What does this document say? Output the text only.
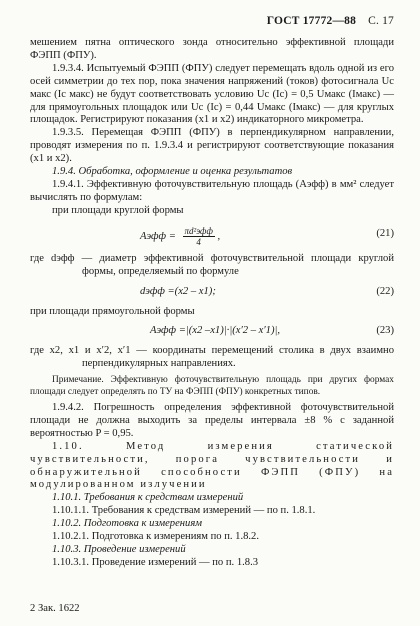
ГОСТ 17772—88 С. 17

мешением пятна оптического зонда относительно эффективной площади ФЭПП (ФПУ).

1.9.3.4. Испытуемый ФЭПП (ФПУ) следует перемещать вдоль одной из его осей симметрии до тех пор, пока значения напряжений (токов) фотосигнала Uс макс (Iс макс) не будут соответствовать условию Uс (Iс) = 0,5 Uмакс (Iмакс) — для прямоугольных площадок или Uс (Iс) = 0,44 Uмакс (Iмакс) — для круглых площадок. Регистрируют показания (x1 и x2) индикаторного микрометра.

1.9.3.5. Перемещая ФЭПП (ФПУ) в перпендикулярном направлении, проводят измерения по п. 1.9.3.4 и регистрируют соответствующие показания (x1 и x2).

1.9.4. Обработка, оформление и оценка результатов

1.9.4.1. Эффективную фоточувствительную площадь (Aэфф) в мм² следует вычислять по формулам:

при площади круглой формы

Aэфф = $\frac{\text{πd²эфф}}{4}$ ,	(21)

где dэфф — диаметр эффективной фоточувствительной площади круглой формы, определяемый по формуле

dэфф =(x2 – x1);	(22)

при площади прямоугольной формы

Aэфф =|(x2 –x1)|·|(x′2 – x′1)|,	(23)

где x2, x1 и x′2, x′1 — координаты перемещений столика в двух взаимно перпендикулярных направлениях.

Примечание. Эффективную фоточувствительную площадь при других формах площади следует определять по ТУ на ФЭПП (ФПУ) конкретных типов.

1.9.4.2. Погрешность определения эффективной фоточувствительной площади не должна выходить за пределы интервала ±8 % с заданной вероятностью P = 0,95.

1.10. Метод измерения статической чувствительности, порога чувствительности и обнаружительной способности ФЭПП (ФПУ) на модулированном излучении

1.10.1. Требования к средствам измерений

1.10.1.1. Требования к средствам измерений — по п. 1.8.1.

1.10.2. Подготовка к измерениям

1.10.2.1. Подготовка к измерениям по п. 1.8.2.

1.10.3. Проведение измерений

1.10.3.1. Проведение измерений — по п. 1.8.3

2 Зак. 1622
